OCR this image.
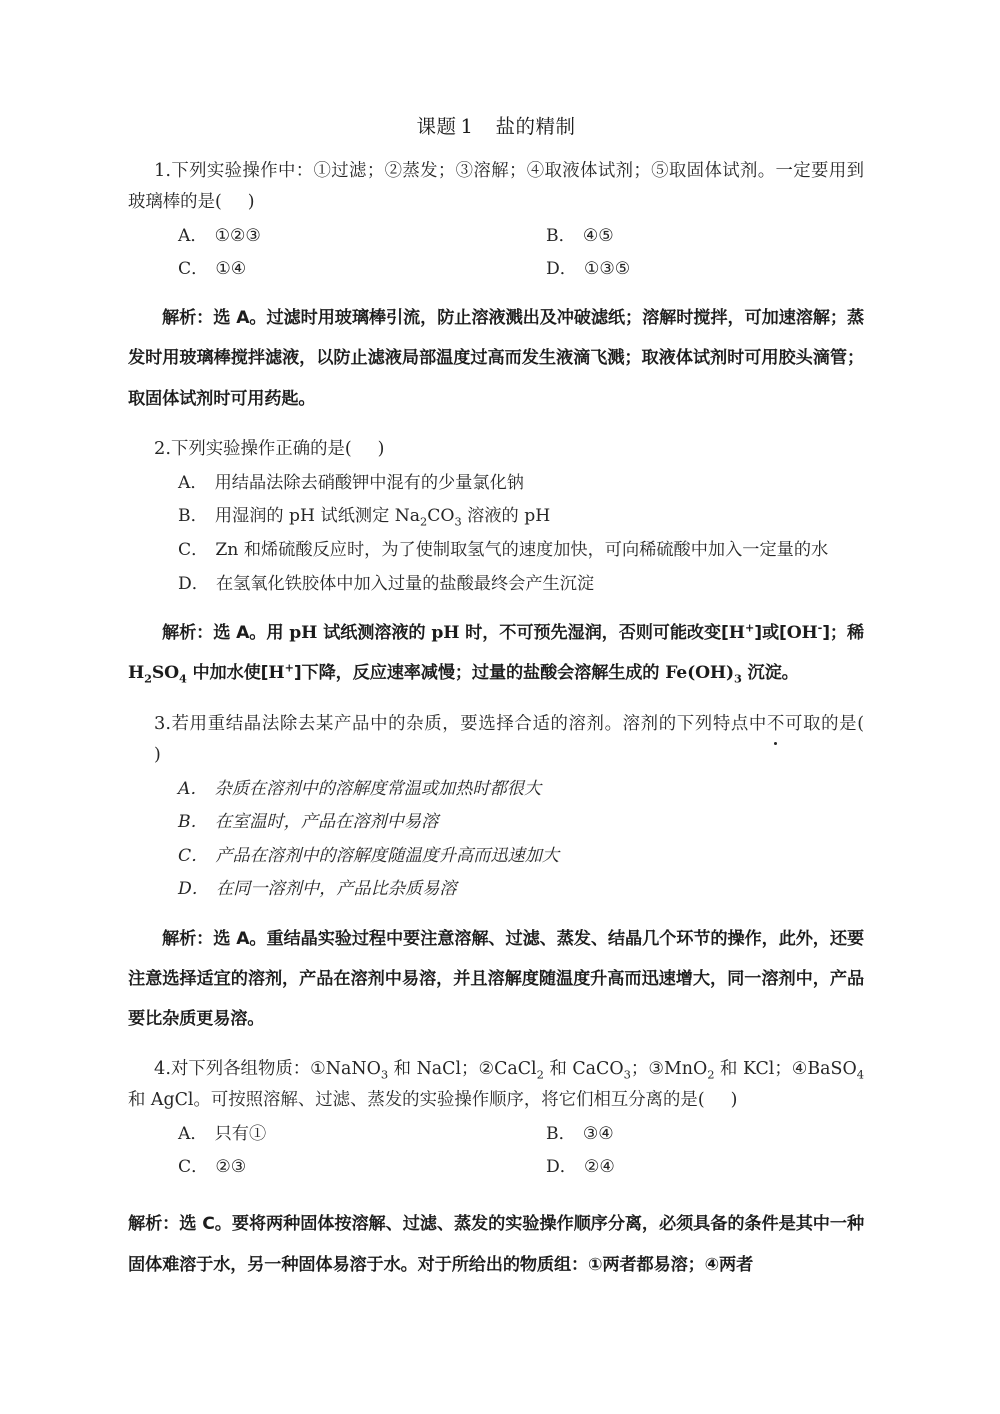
课题 1 盐的精制
1.下列实验操作中：①过滤；②蒸发；③溶解；④取液体试剂；⑤取固体试剂。一定要用到玻璃棒的是( )
A． ①②③	B． ④⑤
C． ①④	D． ①③⑤
解析：选 A。过滤时用玻璃棒引流，防止溶液溅出及冲破滤纸；溶解时搅拌，可加速溶解；蒸发时用玻璃棒搅拌滤液，以防止滤液局部温度过高而发生液滴飞溅；取液体试剂时可用胶头滴管；取固体试剂时可用药匙。
2.下列实验操作正确的是( )
A． 用结晶法除去硝酸钾中混有的少量氯化钠
B． 用湿润的 pH 试纸测定 $Na_2CO_3$ 溶液的 pH
C． Zn 和烯硫酸反应时，为了使制取氢气的速度加快，可向稀硫酸中加入一定量的水
D． 在氢氧化铁胶体中加入过量的盐酸最终会产生沉淀
解析：选 A。用 pH 试纸测溶液的 pH 时，不可预先湿润，否则可能改变[H+]或[OH-]；稀 $H_2SO_4$ 中加水使[H+]下降，反应速率减慢；过量的盐酸会溶解生成的 $Fe(OH)_3$ 沉淀。
3.若用重结晶法除去某产品中的杂质，要选择合适的溶剂。溶剂的下列特点中不可取的是()
A． 杂质在溶剂中的溶解度常温或加热时都很大
B． 在室温时，产品在溶剂中易溶
C． 产品在溶剂中的溶解度随温度升高而迅速加大
D． 在同一溶剂中，产品比杂质易溶
解析：选 A。重结晶实验过程中要注意溶解、过滤、蒸发、结晶几个环节的操作，此外，还要注意选择适宜的溶剂，产品在溶剂中易溶，并且溶解度随温度升高而迅速增大，同一溶剂中，产品要比杂质更易溶。
4.对下列各组物质：①NaNO$_3$ 和 NaCl；②CaCl$_2$ 和 CaCO$_3$；③MnO$_2$ 和 KCl；④BaSO$_4$ 和 AgCl。可按照溶解、过滤、蒸发的实验操作顺序，将它们相互分离的是( )
A． 只有①	B． ③④
C． ②③	D． ②④
解析：选 C。要将两种固体按溶解、过滤、蒸发的实验操作顺序分离，必须具备的条件是其中一种固体难溶于水，另一种固体易溶于水。对于所给出的物质组：①两者都易溶；④两者
